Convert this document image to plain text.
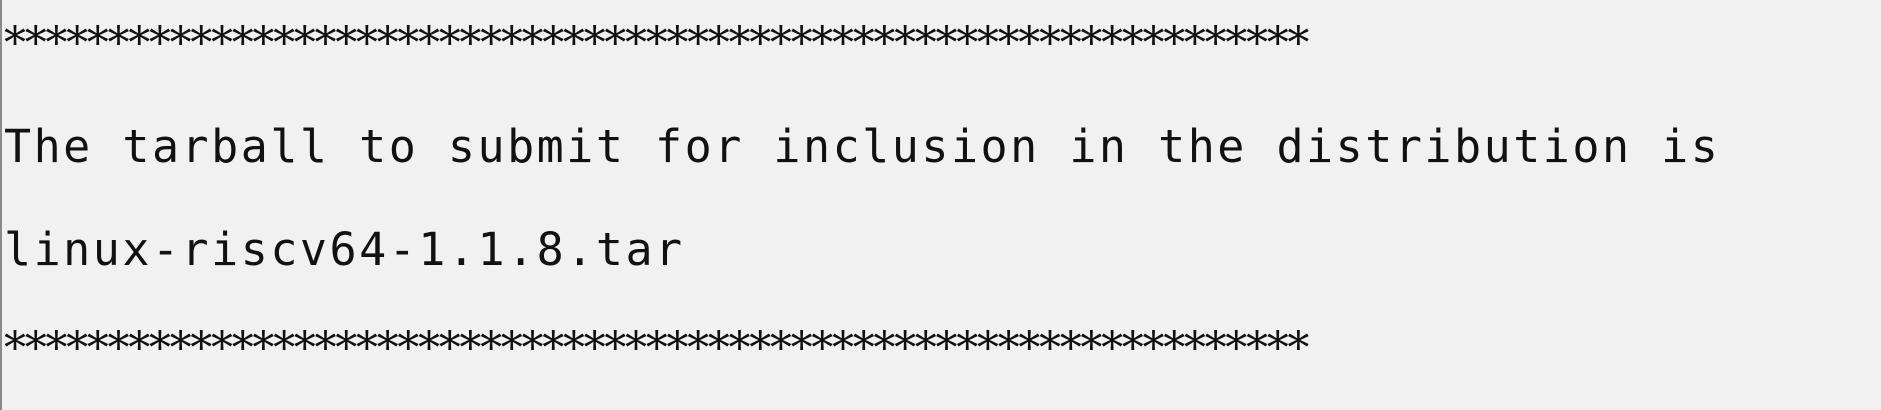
***************************************************************
The tarball to submit for inclusion in the distribution is
linux-riscv64-1.1.8.tar
***************************************************************
